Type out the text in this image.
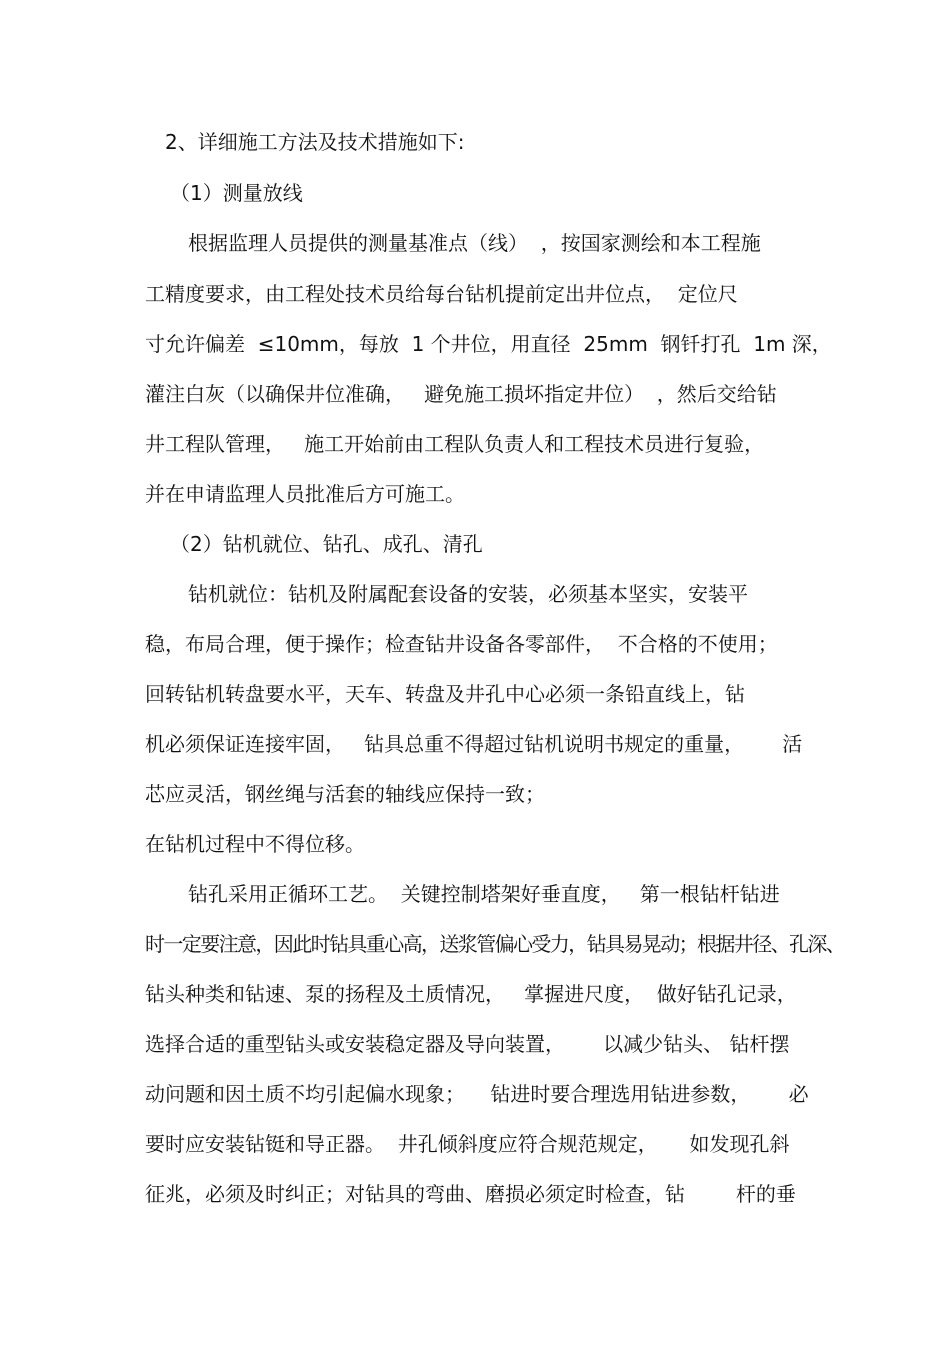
2、详细施工方法及技术措施如下:
（1）测量放线
根据监理人员提供的测量基准点（线）  ，按国家测绘和本工程施
工精度要求，由工程处技术员给每台钻机提前定出井位点，  定位尺
寸允许偏差  ≤10mm，每放  1 个井位，用直径  25mm  钢钎打孔  1m 深，
灌注白灰（以确保井位准确，   避免施工损坏指定井位）  ，然后交给钻
井工程队管理，   施工开始前由工程队负责人和工程技术员进行复验，
并在申请监理人员批准后方可施工。
（2）钻机就位、钻孔、成孔、清孔
钻机就位：钻机及附属配套设备的安装，必须基本坚实，安装平
稳，布局合理，便于操作；检查钻井设备各零部件，  不合格的不使用；
回转钻机转盘要水平，天车、转盘及井孔中心必须一条铅直线上，钻
机必须保证连接牢固，   钻具总重不得超过钻机说明书规定的重量，      活
芯应灵活，钢丝绳与活套的轴线应保持一致；
在钻机过程中不得位移。
钻孔采用正循环工艺。  关键控制塔架好垂直度，   第一根钻杆钻进
时一定要注意，因此时钻具重心高，送浆管偏心受力，钻具易晃动；根据井径、孔深、
钻头种类和钻速、泵的扬程及土质情况，   掌握进尺度，  做好钻孔记录，
选择合适的重型钻头或安装稳定器及导向装置，      以减少钻头、 钻杆摆
动问题和因土质不均引起偏水现象；    钻进时要合理选用钻进参数，      必
要时应安装钻铤和导正器。  井孔倾斜度应符合规范规定，     如发现孔斜
征兆，必须及时纠正；对钻具的弯曲、磨损必须定时检查，钻        杆的垂
